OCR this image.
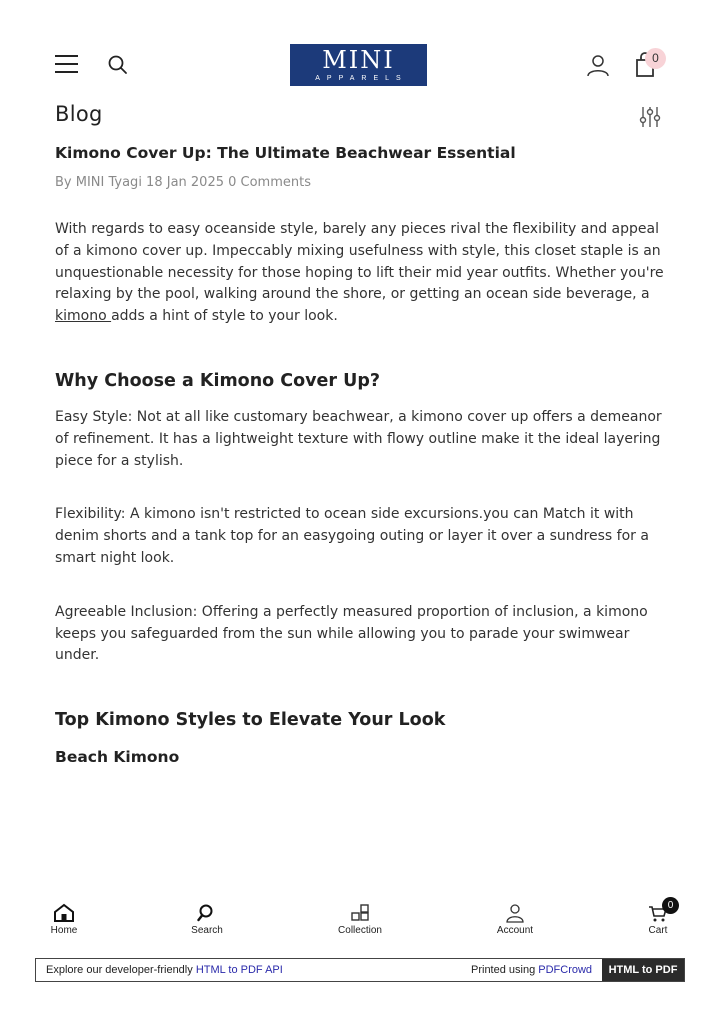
MINI
APPARELS
0
Blog
Kimono Cover Up: The Ultimate Beachwear Essential
By MINI Tyagi 18 Jan 2025 0 Comments

With regards to easy oceanside style, barely any pieces rival the flexibility and appeal of a kimono cover up. Impeccably mixing usefulness with style, this closet staple is an unquestionable necessity for those hoping to lift their mid year outfits. Whether you're relaxing by the pool, walking around the shore, or getting an ocean side beverage, a kimono adds a hint of style to your look.

Why Choose a Kimono Cover Up?

Easy Style: Not at all like customary beachwear, a kimono cover up offers a demeanor of refinement. It has a lightweight texture with flowy outline make it the ideal layering piece for a stylish.

Flexibility: A kimono isn't restricted to ocean side excursions.you can Match it with denim shorts and a tank top for an easygoing outing or layer it over a sundress for a smart night look.

Agreeable Inclusion: Offering a perfectly measured proportion of inclusion, a kimono keeps you safeguarded from the sun while allowing you to parade your swimwear under.

Top Kimono Styles to Elevate Your Look
Beach Kimono
Home	Search	Collection	Account	Cart
0
Explore our developer-friendly HTML to PDF API	Printed using PDFCrowd	HTML to PDF
